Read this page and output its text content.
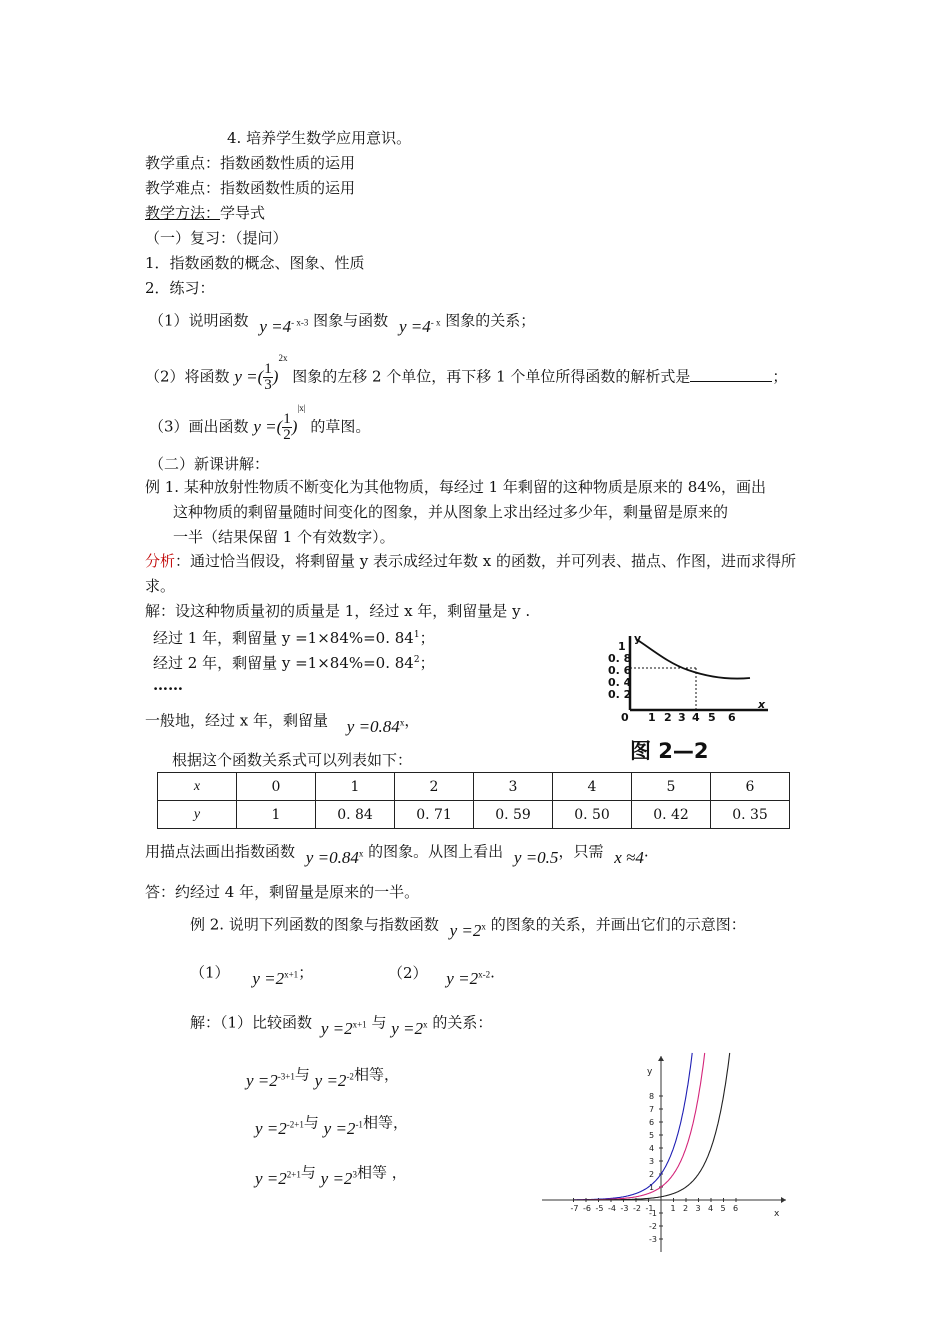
4. 培养学生数学应用意识。
教学重点：指数函数性质的运用
教学难点：指数函数性质的运用
教学方法：学导式
（一）复习：（提问）
1．指数函数的概念、图象、性质
2．练习：
（1）说明函数 $y =4^{- x-3}$ 图象与函数 $y =4^{- x}$ 图象的关系；
（2）将函数 y =( $\frac{1}{3} )^{2x}$ 图象的左移 2 个单位，再下移 1 个单位所得函数的解析式是	；
（3）画出函数 y =( $\frac{1}{2} )^{|x|}$ 的草图。
（二）新课讲解：
例 1. 某种放射性物质不断变化为其他物质，每经过 1 年剩留的这种物质是原来的 84%，画出
这种物质的剩留量随时间变化的图象，并从图象上求出经过多少年，剩量留是原来的
一半（结果保留 1 个有效数字）。
分析：通过恰当假设，将剩留量 y 表示成经过年数 x 的函数，并可列表、描点、作图，进而求得所
求。
解：设这种物质量初的质量是 1，经过 x 年，剩留量是 y .
经过 1 年，剩留量 y =1×84%=0. $84^1$；
经过 2 年，剩留量 y =1×84%=0. $84^2$；
……
一般地，经过 x 年，剩留量 $y =0.84^x$，
y
x
1
0. 8
0. 6
0. 4
0. 2
0 1 2 3 4 5 6
图 2—2
根据这个函数关系式可以列表如下：
x	0	1	2	3	4	5	6
y	1	0. 84	0. 71	0. 59	0. 50	0. 42	0. 35
用描点法画出指数函数 $y =0.84^x$ 的图象。从图上看出 y =0.5，只需 x ≈4.
答：约经过 4 年，剩留量是原来的一半。
例 2. 说明下列函数的图象与指数函数 $y =2^x$ 的图象的关系，并画出它们的示意图：
（1） $y =2^{x+1}$；	（2） $y =2^{x-2}$.
解：（1）比较函数 $y =2^{x+1}$ 与 $y =2^x$ 的关系：
$y =2^{-3+1}$与 $y =2^{-2}$相等，
$y =2^{-2+1}$与 $y =2^{-1}$相等，
$y =2^{2+1}$与 $y =2^3$相等 ，
-7 -6 -5 -4 -3 -2 -1 1 2 3 4 5 6
8
7
6
5
4
3
2
1
-1
-2
-3
x
y
